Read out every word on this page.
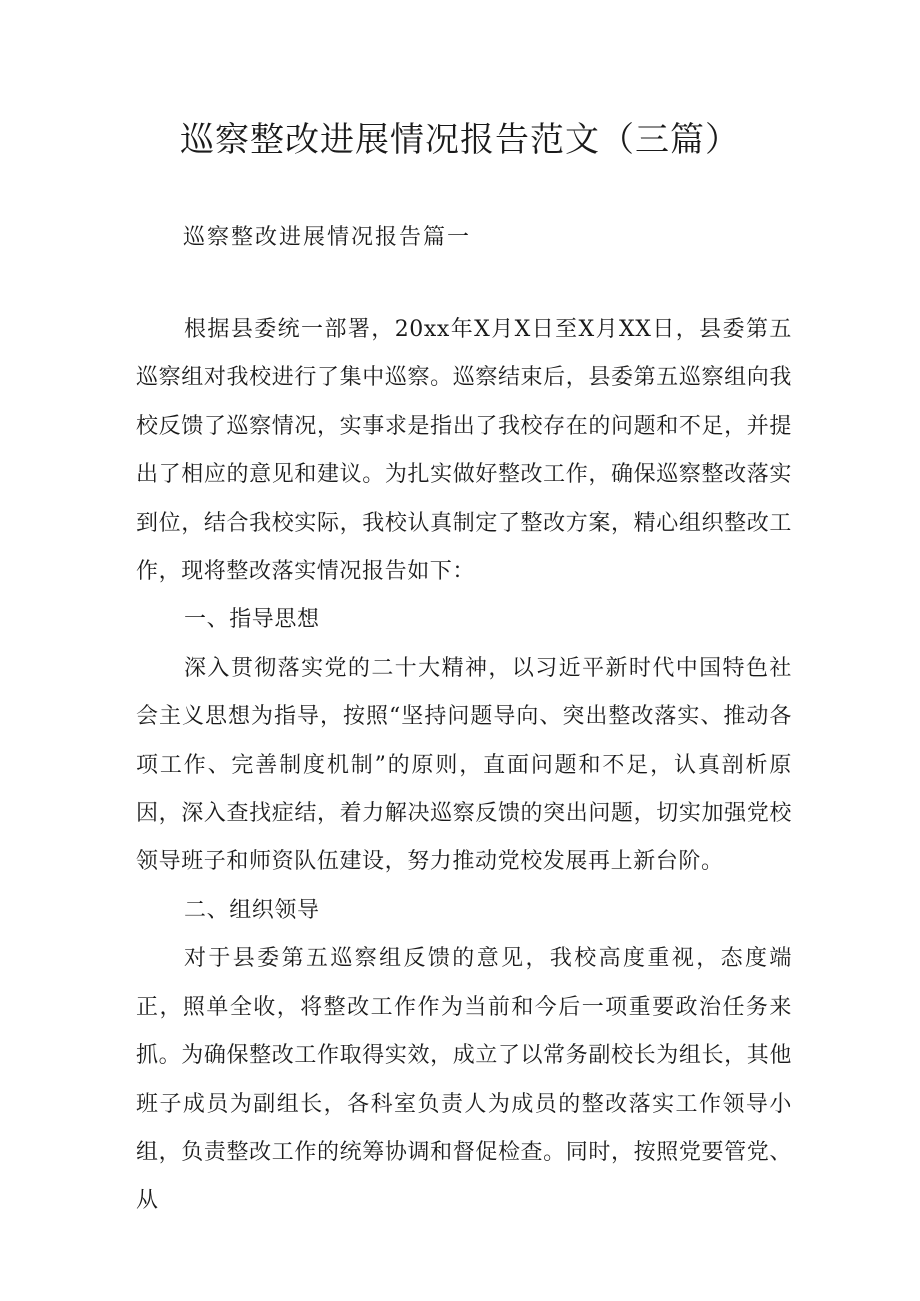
巡察整改进展情况报告范文（三篇）
巡察整改进展情况报告篇一

根据县委统一部署，20xx年X月X日至X月XX日，县委第五巡察组对我校进行了集中巡察。巡察结束后，县委第五巡察组向我校反馈了巡察情况，实事求是指出了我校存在的问题和不足，并提出了相应的意见和建议。为扎实做好整改工作，确保巡察整改落实到位，结合我校实际，我校认真制定了整改方案，精心组织整改工作，现将整改落实情况报告如下：

一、指导思想

深入贯彻落实党的二十大精神，以习近平新时代中国特色社会主义思想为指导，按照“坚持问题导向、突出整改落实、推动各项工作、完善制度机制”的原则，直面问题和不足，认真剖析原因，深入查找症结，着力解决巡察反馈的突出问题，切实加强党校领导班子和师资队伍建设，努力推动党校发展再上新台阶。

二、组织领导

对于县委第五巡察组反馈的意见，我校高度重视，态度端正，照单全收，将整改工作作为当前和今后一项重要政治任务来抓。为确保整改工作取得实效，成立了以常务副校长为组长，其他班子成员为副组长，各科室负责人为成员的整改落实工作领导小组，负责整改工作的统筹协调和督促检查。同时，按照党要管党、从
